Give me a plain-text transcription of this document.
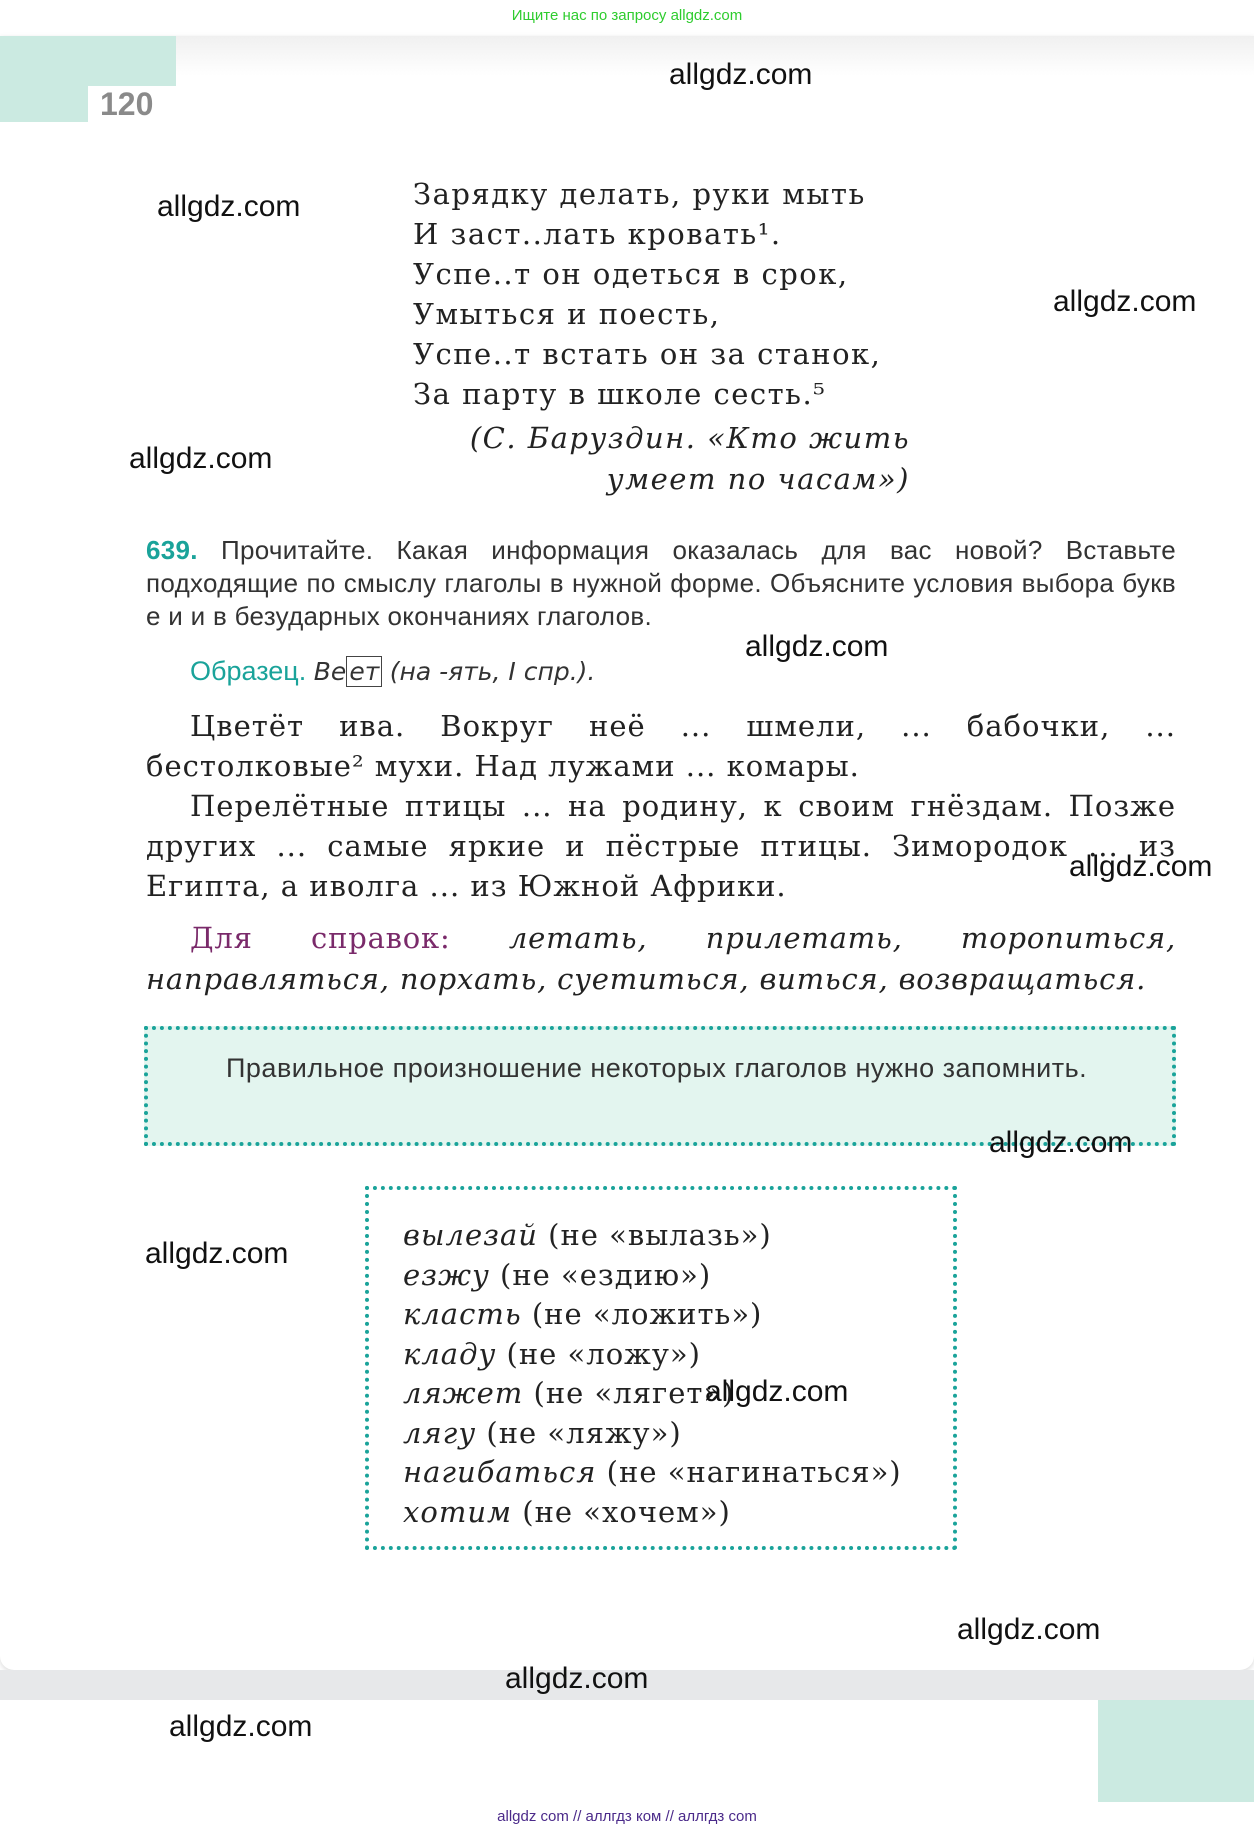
Ищите нас по запросу allgdz.com
120
Зарядку делать, руки мыть
И заст..лать кровать¹.
Успе..т он одеться в срок,
Умыться и поесть,
Успе..т встать он за станок,
За парту в школе сесть.⁵
(С. Баруздин. «Кто жить
умеет по часам»)
639. Прочитайте. Какая информация оказалась для вас новой? Вставьте подходящие по смыслу глаголы в нужной форме. Объясните условия выбора букв е и и в безударных окончаниях глаголов.
Образец. Ве ет (на -ять, I спр.).

Цветёт ива. Вокруг неё ... шмели, ... бабочки, ... бестолковые² мухи. Над лужами ... комары.

Перелётные птицы ... на родину, к своим гнёздам. Позже других ... самые яркие и пёстрые птицы. Зимородок ... из Египта, а иволга ... из Южной Африки.

Для справок: летать, прилетать, торопиться, направляться, порхать, суетиться, виться, возвращаться.
Правильное произношение некоторых глаголов нужно запомнить.
вылезай (не «вылазь»)
езжу (не «ездию»)
класть (не «ложить»)
кладу (не «ложу»)
ляжет (не «лягет»)
лягу (не «ляжу»)
нагибаться (не «нагинаться»)
хотим (не «хочем»)
allgdz.com
allgdz.com
allgdz.com
allgdz.com
allgdz.com
allgdz.com
allgdz.com
allgdz.com
allgdz.com
allgdz.com
allgdz.com
allgdz.com
allgdz com // аллгдз ком // аллгдз com
